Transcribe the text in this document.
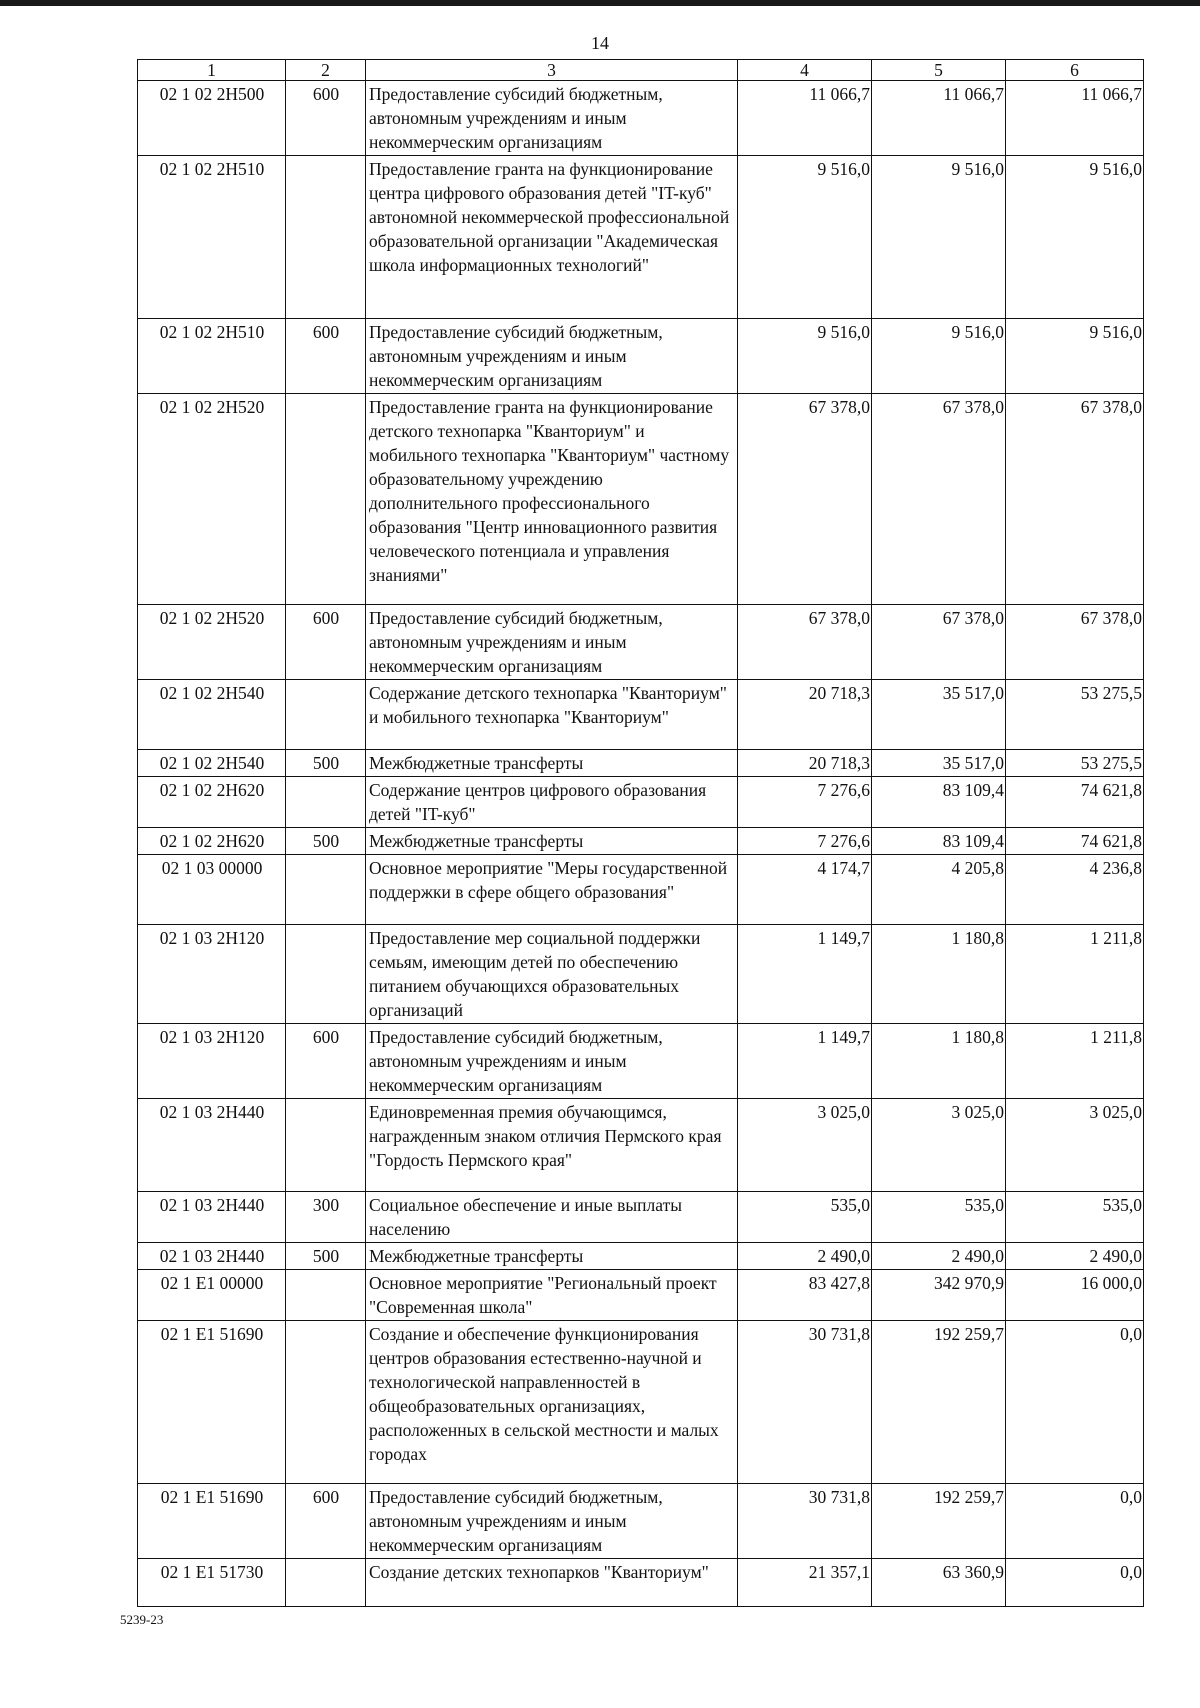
14
1	2	3	4	5	6
02 1 02 2Н500	600	Предоставление субсидий бюджетным, автономным учреждениям и иным некоммерческим организациям	11 066,7	11 066,7	11 066,7
02 1 02 2Н510		Предоставление гранта на функционирование центра цифрового образования детей "IT-куб" автономной некоммерческой профессиональной образовательной организации "Академическая школа информационных технологий"	9 516,0	9 516,0	9 516,0
02 1 02 2Н510	600	Предоставление субсидий бюджетным, автономным учреждениям и иным некоммерческим организациям	9 516,0	9 516,0	9 516,0
02 1 02 2Н520		Предоставление гранта на функционирование детского технопарка "Кванториум" и мобильного технопарка "Кванториум" частному образовательному учреждению дополнительного профессионального образования "Центр инновационного развития человеческого потенциала и управления знаниями"	67 378,0	67 378,0	67 378,0
02 1 02 2Н520	600	Предоставление субсидий бюджетным, автономным учреждениям и иным некоммерческим организациям	67 378,0	67 378,0	67 378,0
02 1 02 2Н540		Содержание детского технопарка "Кванториум" и мобильного технопарка "Кванториум"	20 718,3	35 517,0	53 275,5
02 1 02 2Н540	500	Межбюджетные трансферты	20 718,3	35 517,0	53 275,5
02 1 02 2Н620		Содержание центров цифрового образования детей "IT-куб"	7 276,6	83 109,4	74 621,8
02 1 02 2Н620	500	Межбюджетные трансферты	7 276,6	83 109,4	74 621,8
02 1 03 00000		Основное мероприятие "Меры государственной поддержки в сфере общего образования"	4 174,7	4 205,8	4 236,8
02 1 03 2Н120		Предоставление мер социальной поддержки семьям, имеющим детей по обеспечению питанием обучающихся образовательных организаций	1 149,7	1 180,8	1 211,8
02 1 03 2Н120	600	Предоставление субсидий бюджетным, автономным учреждениям и иным некоммерческим организациям	1 149,7	1 180,8	1 211,8
02 1 03 2Н440		Единовременная премия обучающимся, награжденным знаком отличия Пермского края "Гордость Пермского края"	3 025,0	3 025,0	3 025,0
02 1 03 2Н440	300	Социальное обеспечение и иные выплаты населению	535,0	535,0	535,0
02 1 03 2Н440	500	Межбюджетные трансферты	2 490,0	2 490,0	2 490,0
02 1 E1 00000		Основное мероприятие "Региональный проект "Современная школа"	83 427,8	342 970,9	16 000,0
02 1 E1 51690		Создание и обеспечение функционирования центров образования естественно-научной и технологической направленностей в общеобразовательных организациях, расположенных в сельской местности и малых городах	30 731,8	192 259,7	0,0
02 1 E1 51690	600	Предоставление субсидий бюджетным, автономным учреждениям и иным некоммерческим организациям	30 731,8	192 259,7	0,0
02 1 E1 51730		Создание детских технопарков "Кванториум"	21 357,1	63 360,9	0,0
5239-23
